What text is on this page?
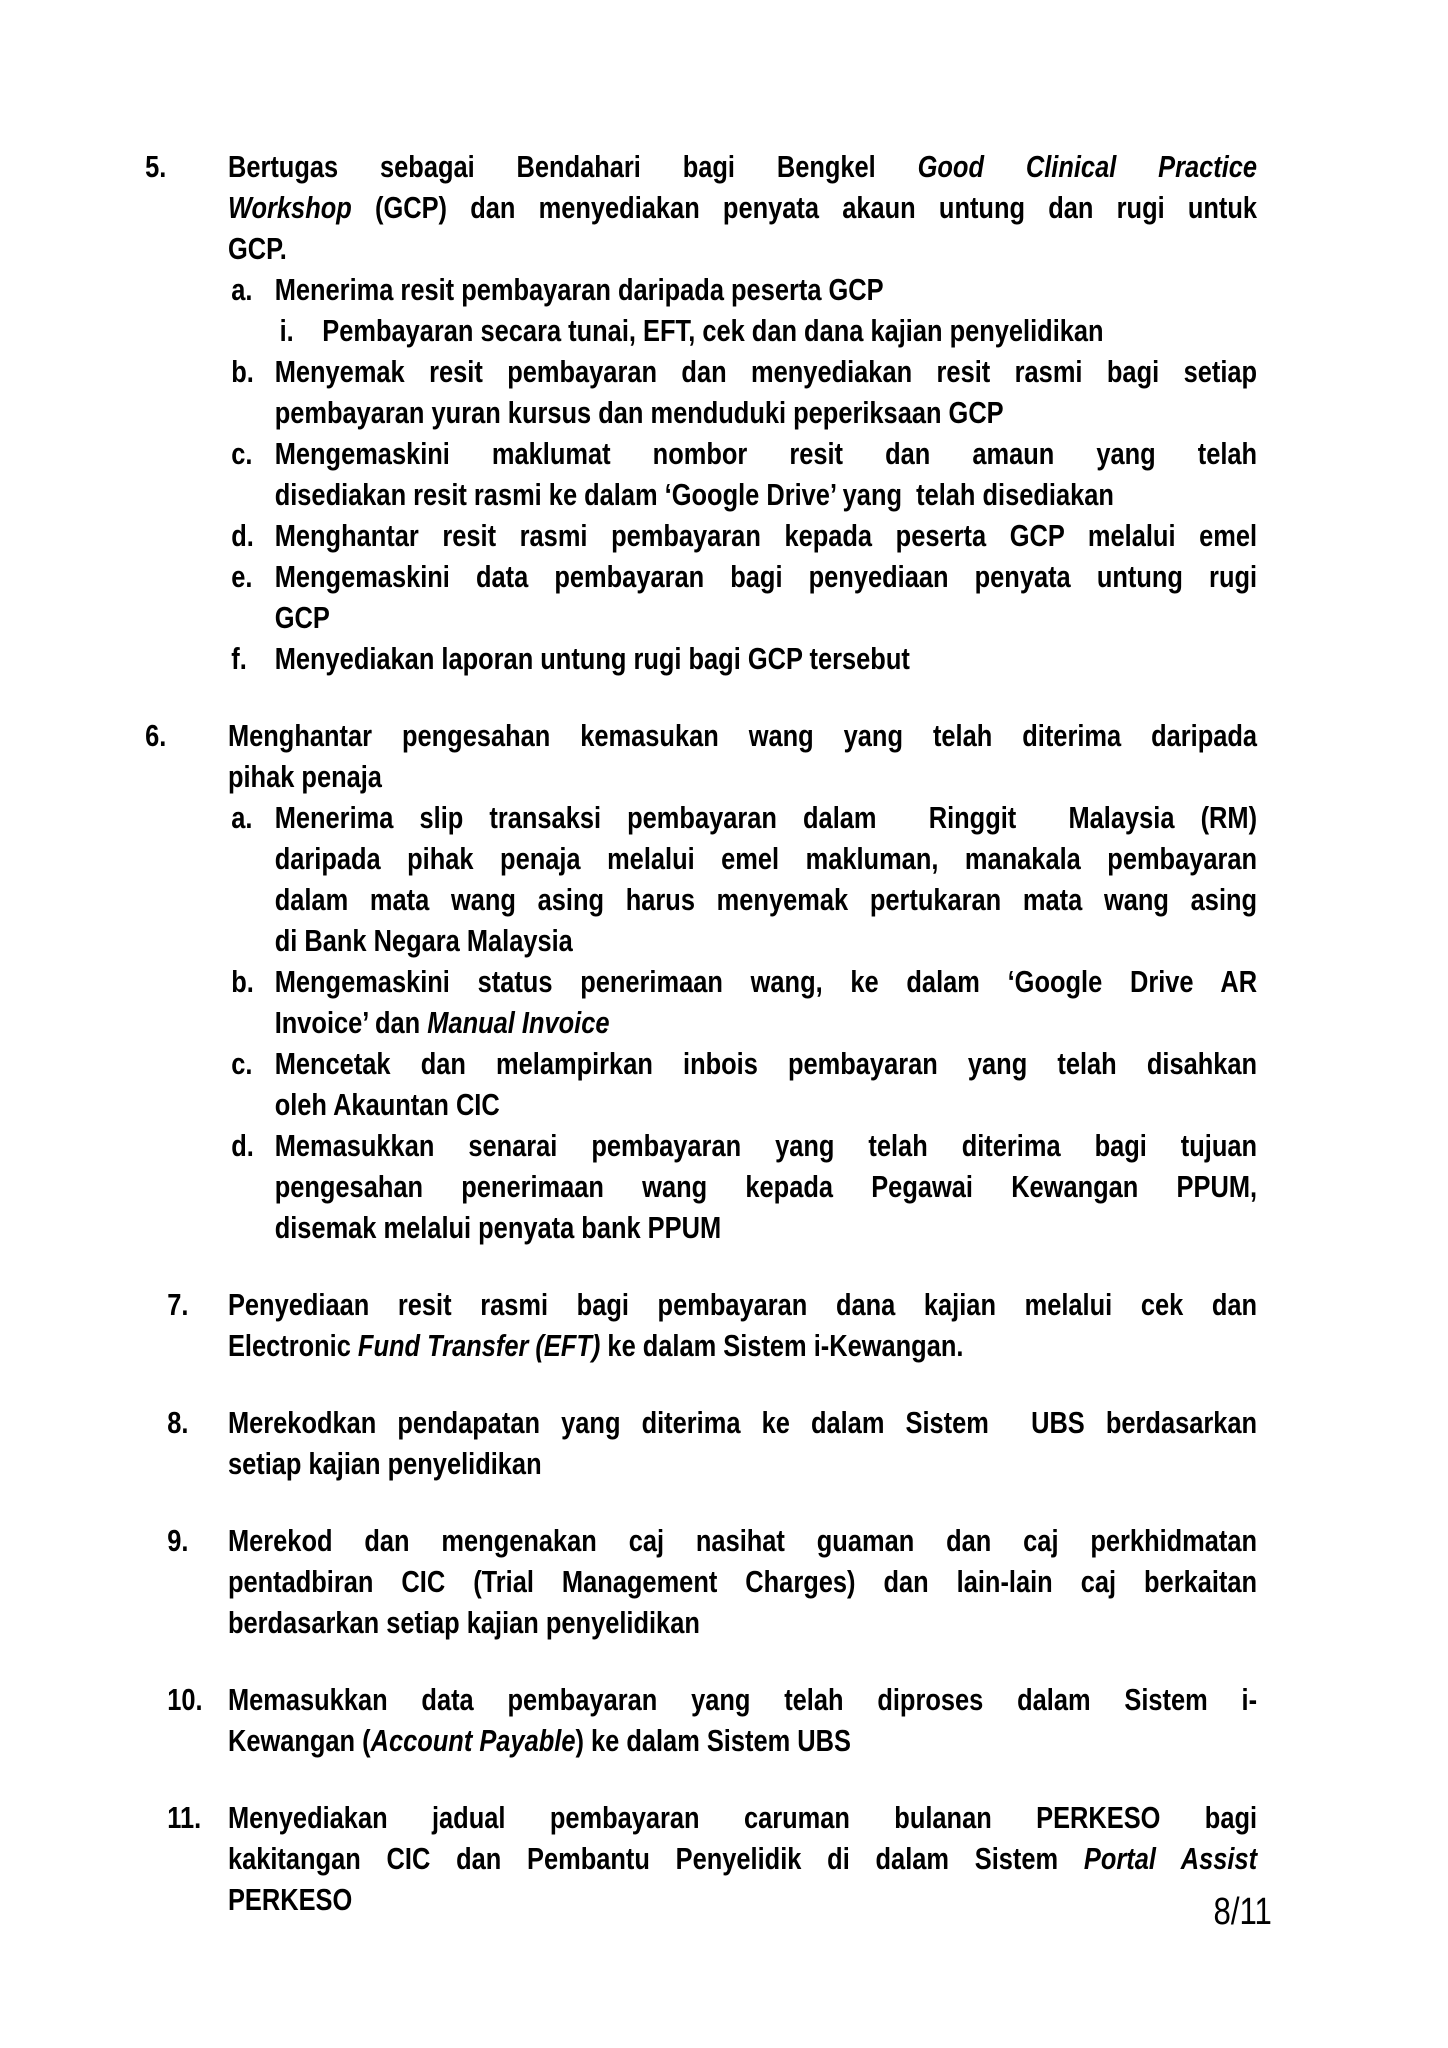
5.	Bertugas sebagai Bendahari bagi Bengkel Good Clinical Practice
Workshop (GCP) dan menyediakan penyata akaun untung dan rugi untuk
GCP.
a. Menerima resit pembayaran daripada peserta GCP
i. Pembayaran secara tunai, EFT, cek dan dana kajian penyelidikan
b. Menyemak resit pembayaran dan menyediakan resit rasmi bagi setiap
pembayaran yuran kursus dan menduduki peperiksaan GCP
c. Mengemaskini maklumat nombor resit dan amaun yang telah
disediakan resit rasmi ke dalam ‘Google Drive’ yang  telah disediakan
d. Menghantar resit rasmi pembayaran kepada peserta GCP melalui emel
e. Mengemaskini data pembayaran bagi penyediaan penyata untung rugi
GCP
f. Menyediakan laporan untung rugi bagi GCP tersebut
6.	Menghantar pengesahan kemasukan wang yang telah diterima daripada
pihak penaja
a. Menerima slip transaksi pembayaran dalam  Ringgit  Malaysia (RM)
daripada pihak penaja melalui emel makluman, manakala pembayaran
dalam mata wang asing harus menyemak pertukaran mata wang asing
di Bank Negara Malaysia
b. Mengemaskini status penerimaan wang, ke dalam ‘Google Drive AR
Invoice’ dan Manual Invoice
c. Mencetak dan melampirkan inbois pembayaran yang telah disahkan
oleh Akauntan CIC
d. Memasukkan senarai pembayaran yang telah diterima bagi tujuan
pengesahan penerimaan wang kepada Pegawai Kewangan PPUM,
disemak melalui penyata bank PPUM
7.	Penyediaan resit rasmi bagi pembayaran dana kajian melalui cek dan
Electronic Fund Transfer (EFT) ke dalam Sistem i-Kewangan.
8.	Merekodkan pendapatan yang diterima ke dalam Sistem  UBS berdasarkan
setiap kajian penyelidikan
9.	Merekod dan mengenakan caj nasihat guaman dan caj perkhidmatan
pentadbiran CIC (Trial Management Charges) dan lain-lain caj berkaitan
berdasarkan setiap kajian penyelidikan
10. Memasukkan data pembayaran yang telah diproses dalam Sistem i-
Kewangan (Account Payable) ke dalam Sistem UBS
11. Menyediakan jadual pembayaran caruman bulanan PERKESO bagi
kakitangan CIC dan Pembantu Penyelidik di dalam Sistem Portal Assist
PERKESO	8/11
